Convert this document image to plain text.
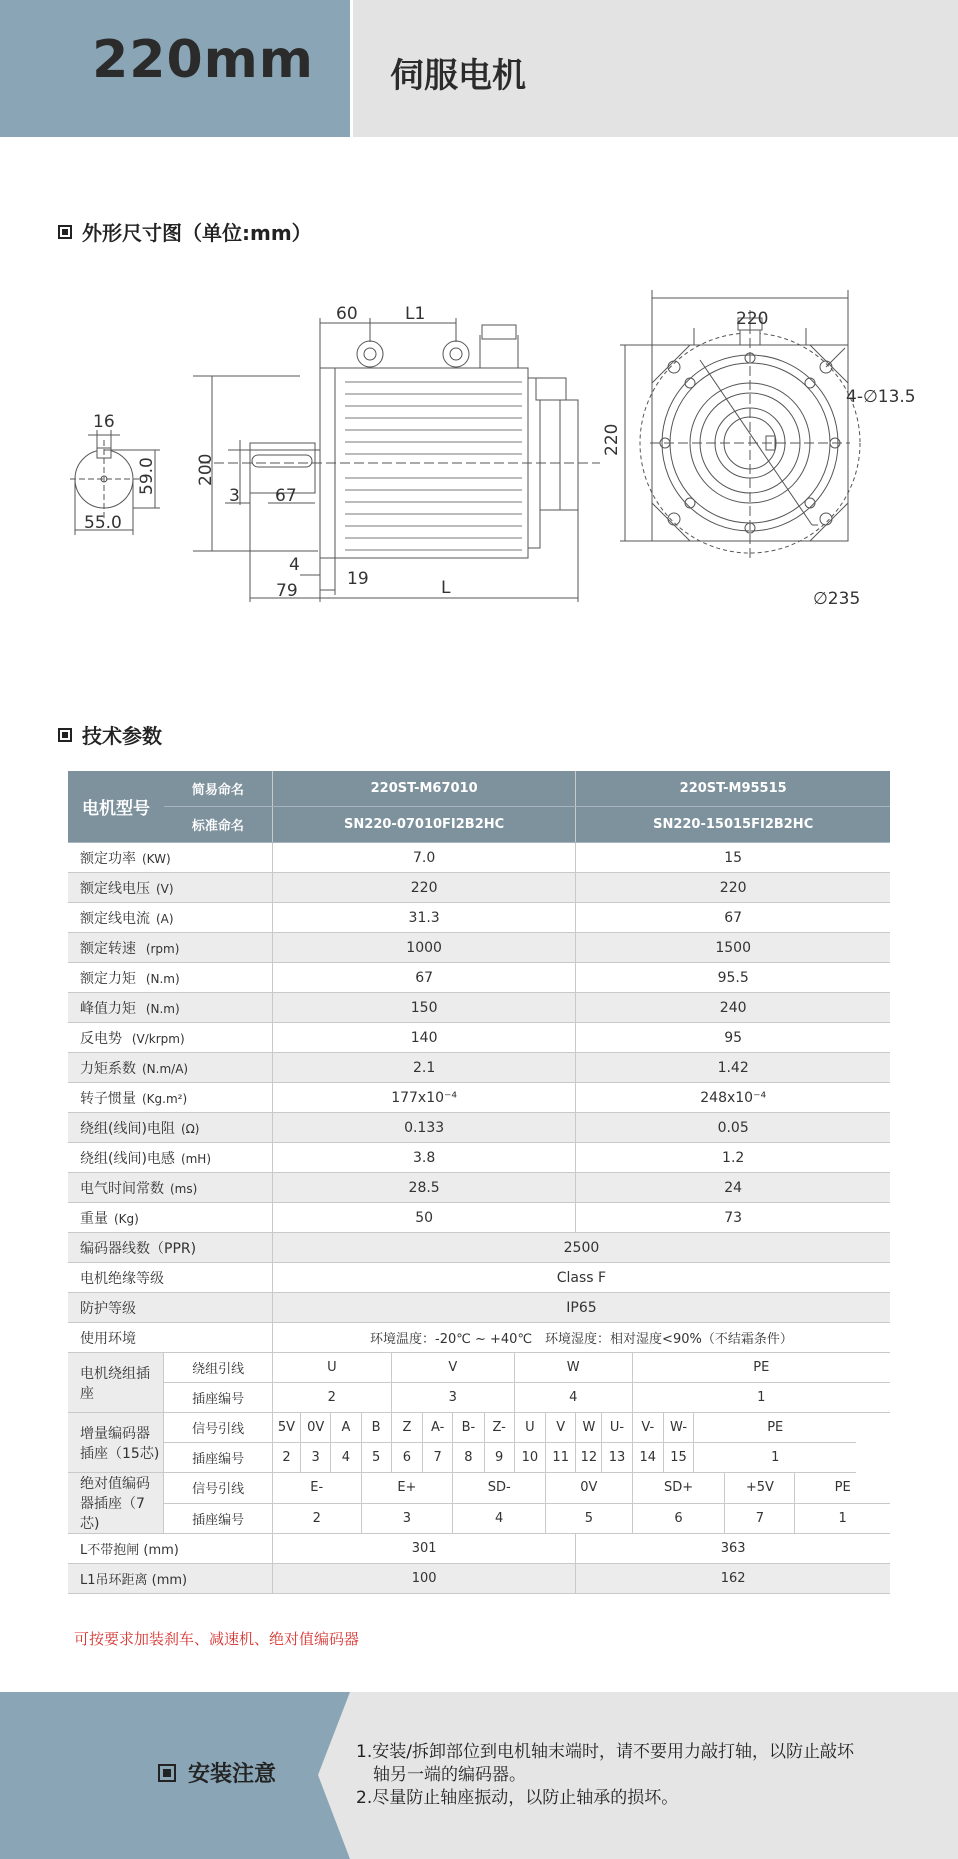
220mm	伺服电机
外形尺寸图（单位:mm）
60	L1	220
4-∅13.5
16
59.0
55.0
200
3 67
4
19
79	L
220
∅235
技术参数
电机型号	简易命名	220ST-M67010										220ST-M95515						
	标准命名	SN220-07010FI2B2HC										SN220-15015FI2B2HC						
额定功率 (KW)		7.0										15						
额定线电压 (V)		220										220						
额定线电流 (A)		31.3										67						
额定转速 (rpm)		1000										1500						
额定力矩 (N.m)		67										95.5						
峰值力矩 (N.m)		150										240						
反电势 (V/krpm)		140										95						
力矩系数 (N.m/A)		2.1										1.42						
转子惯量 (Kg.m²)		177x10⁻⁴										248x10⁻⁴						
绕组(线间)电阻 (Ω)		0.133										0.05						
绕组(线间)电感 (mH)		3.8										1.2						
电气时间常数 (ms)		28.5										24						
重量 (Kg)		50										73						
编码器线数（PPR)		2500																
电机绝缘等级		Class F																
防护等级		IP65																
使用环境		环境温度：-20℃ ~ +40℃　环境湿度：相对湿度<90%（不结霜条件）																
电机绕组插座	绕组引线	U				V				W				PE				
	插座编号	2				3				4				1				
增量编码器插座（15芯)	信号引线	5V	0V	A	B	Z	A-	B-	Z-	U	V	W	U-	V-	W-	PE		
	插座编号	2	3	4	5	6	7	8	9	10	11	12	13	14	15	1		
绝对值编码器插座（7芯)	信号引线	E-			E+			SD-			0V			SD+			+5V	PE
	插座编号	2			3			4			5			6			7	1
L不带抱闸 (mm)		301										363						
L1吊环距离 (mm)		100										162						
可按要求加装刹车、减速机、绝对值编码器
安装注意
1.安装/拆卸部位到电机轴末端时，请不要用力敲打轴，以防止敲坏
轴另一端的编码器。
2.尽量防止轴座振动，以防止轴承的损坏。
